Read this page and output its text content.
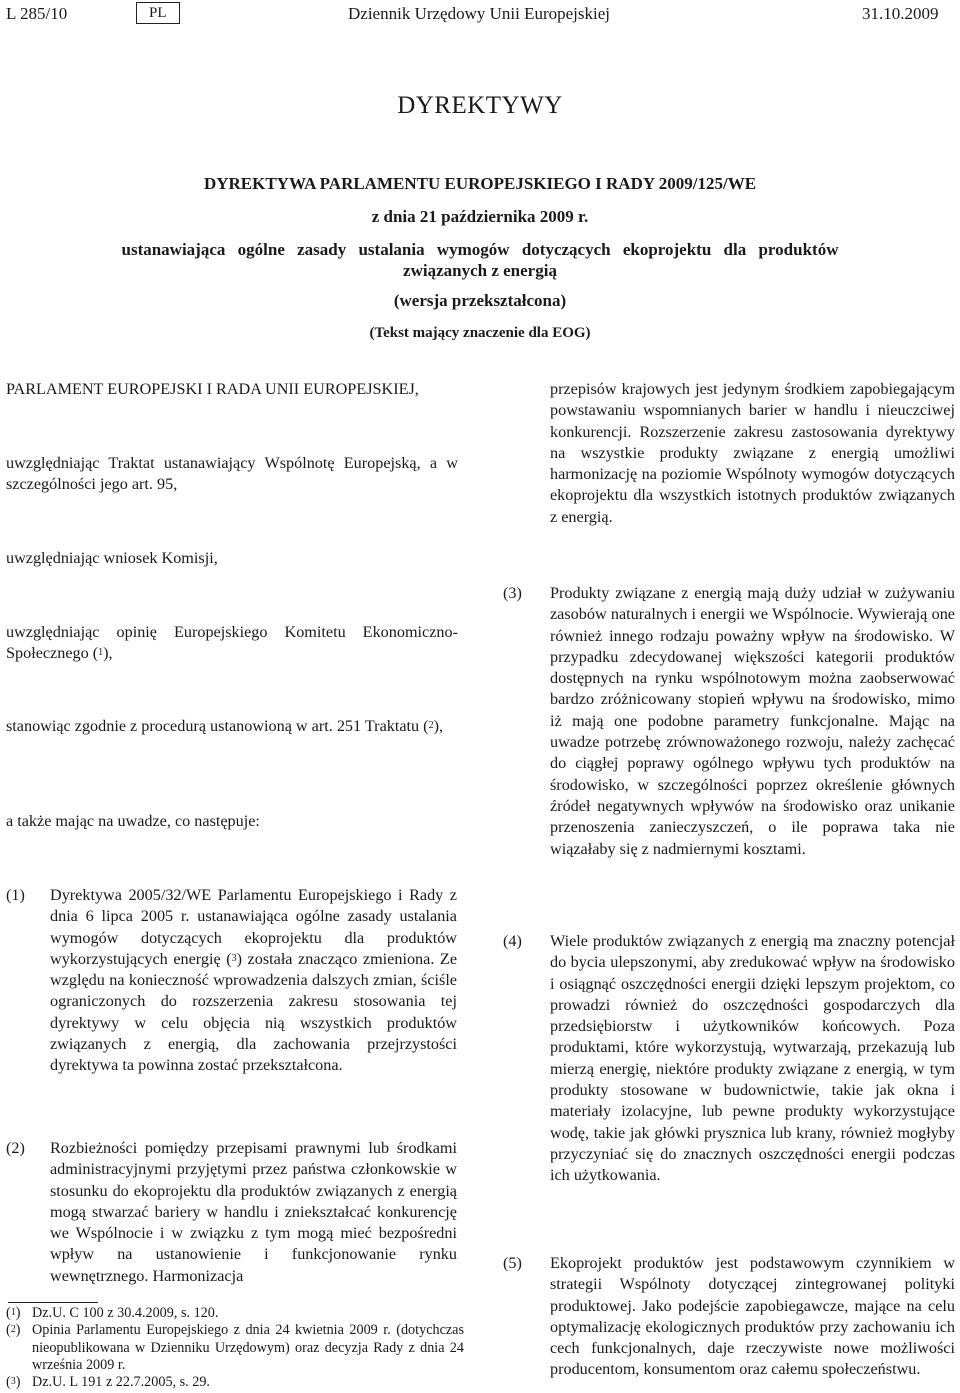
L 285/10	PL	Dziennik Urzędowy Unii Europejskiej	31.10.2009
DYREKTYWY
DYREKTYWA PARLAMENTU EUROPEJSKIEGO I RADY 2009/125/WE
z dnia 21 października 2009 r.
ustanawiająca ogólne zasady ustalania wymogów dotyczących ekoprojektu dla produktów
związanych z energią
(wersja przekształcona)
(Tekst mający znaczenie dla EOG)

PARLAMENT EUROPEJSKI I RADA UNII EUROPEJSKIEJ,

uwzględniając Traktat ustanawiający Wspólnotę Europejską, a w szczególności jego art. 95,

uwzględniając wniosek Komisji,

uwzględniając opinię Europejskiego Komitetu Ekonomiczno-Społecznego ($^1$),

stanowiąc zgodnie z procedurą ustanowioną w art. 251 Traktatu ($^2$),

a także mając na uwadze, co następuje:

(1) Dyrektywa 2005/32/WE Parlamentu Europejskiego i Rady z dnia 6 lipca 2005 r. ustanawiająca ogólne zasady ustalania wymogów dotyczących ekoprojektu dla produktów wykorzystujących energię ($^3$) została znacząco zmieniona. Ze względu na konieczność wprowadzenia dalszych zmian, ściśle ograniczonych do rozszerzenia zakresu stosowania tej dyrektywy w celu objęcia nią wszystkich produktów związanych z energią, dla zachowania przejrzystości dyrektywa ta powinna zostać przekształcona.

(2) Rozbieżności pomiędzy przepisami prawnymi lub środkami administracyjnymi przyjętymi przez państwa członkowskie w stosunku do ekoprojektu dla produktów związanych z energią mogą stwarzać bariery w handlu i zniekształcać konkurencję we Wspólnocie i w związku z tym mogą mieć bezpośredni wpływ na ustanowienie i funkcjonowanie rynku wewnętrznego. Harmonizacja

($^1$) Dz.U. C 100 z 30.4.2009, s. 120.
($^2$) Opinia Parlamentu Europejskiego z dnia 24 kwietnia 2009 r. (dotychczas nieopublikowana w Dzienniku Urzędowym) oraz decyzja Rady z dnia 24 września 2009 r.
($^3$) Dz.U. L 191 z 22.7.2005, s. 29.

przepisów krajowych jest jedynym środkiem zapobiegającym powstawaniu wspomnianych barier w handlu i nieuczciwej konkurencji. Rozszerzenie zakresu zastosowania dyrektywy na wszystkie produkty związane z energią umożliwi harmonizację na poziomie Wspólnoty wymogów dotyczących ekoprojektu dla wszystkich istotnych produktów związanych z energią.

(3) Produkty związane z energią mają duży udział w zużywaniu zasobów naturalnych i energii we Wspólnocie. Wywierają one również innego rodzaju poważny wpływ na środowisko. W przypadku zdecydowanej większości kategorii produktów dostępnych na rynku wspólnotowym można zaobserwować bardzo zróżnicowany stopień wpływu na środowisko, mimo iż mają one podobne parametry funkcjonalne. Mając na uwadze potrzebę zrównoważonego rozwoju, należy zachęcać do ciągłej poprawy ogólnego wpływu tych produktów na środowisko, w szczególności poprzez określenie głównych źródeł negatywnych wpływów na środowisko oraz unikanie przenoszenia zanieczyszczeń, o ile poprawa taka nie wiązałaby się z nadmiernymi kosztami.

(4) Wiele produktów związanych z energią ma znaczny potencjał do bycia ulepszonymi, aby zredukować wpływ na środowisko i osiągnąć oszczędności energii dzięki lepszym projektom, co prowadzi również do oszczędności gospodarczych dla przedsiębiorstw i użytkowników końcowych. Poza produktami, które wykorzystują, wytwarzają, przekazują lub mierzą energię, niektóre produkty związane z energią, w tym produkty stosowane w budownictwie, takie jak okna i materiały izolacyjne, lub pewne produkty wykorzystujące wodę, takie jak główki prysznica lub krany, również mogłyby przyczyniać się do znacznych oszczędności energii podczas ich użytkowania.

(5) Ekoprojekt produktów jest podstawowym czynnikiem w strategii Wspólnoty dotyczącej zintegrowanej polityki produktowej. Jako podejście zapobiegawcze, mające na celu optymalizację ekologicznych produktów przy zachowaniu ich cech funkcjonalnych, daje rzeczywiste nowe możliwości producentom, konsumentom oraz całemu społeczeństwu.
